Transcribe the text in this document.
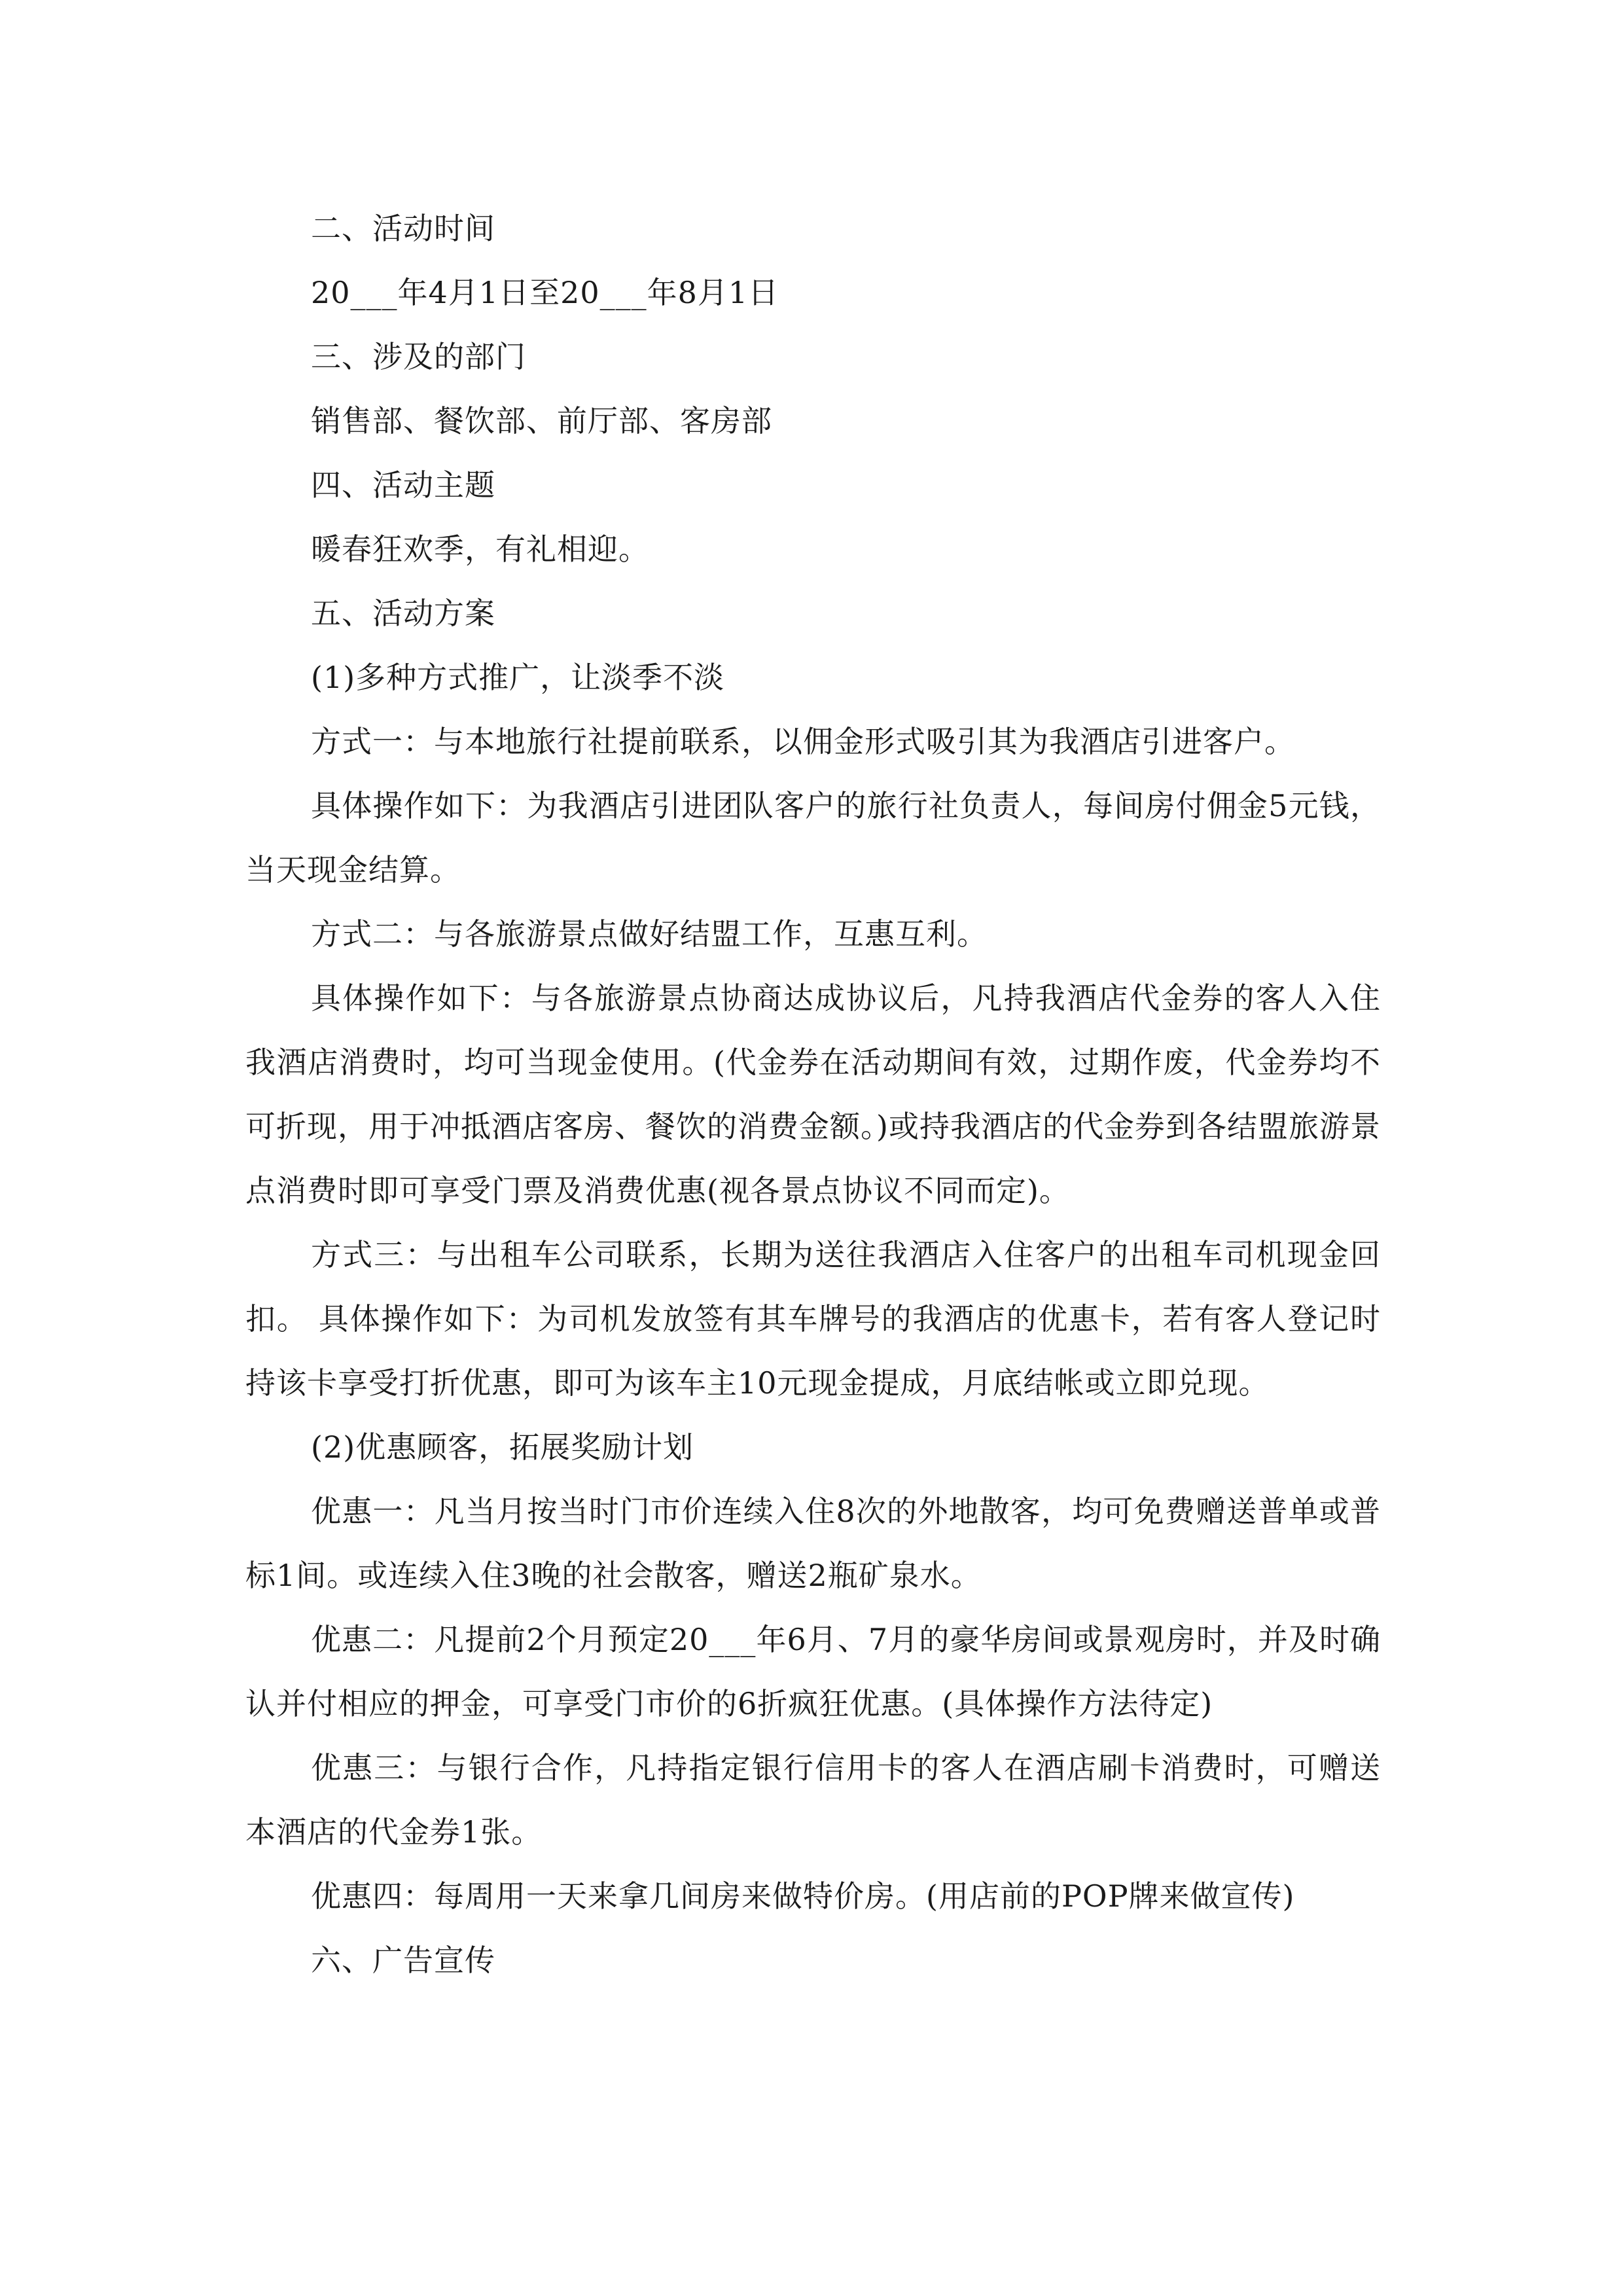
二、活动时间

20___年4月1日至20___年8月1日

三、涉及的部门

销售部、餐饮部、前厅部、客房部

四、活动主题

暖春狂欢季，有礼相迎。

五、活动方案

(1)多种方式推广，让淡季不淡

方式一：与本地旅行社提前联系，以佣金形式吸引其为我酒店引进客户。

具体操作如下：为我酒店引进团队客户的旅行社负责人，每间房付佣金5元钱，当天现金结算。

方式二：与各旅游景点做好结盟工作，互惠互利。

具体操作如下：与各旅游景点协商达成协议后，凡持我酒店代金券的客人入住我酒店消费时，均可当现金使用。(代金券在活动期间有效，过期作废，代金券均不可折现，用于冲抵酒店客房、餐饮的消费金额。)或持我酒店的代金券到各结盟旅游景点消费时即可享受门票及消费优惠(视各景点协议不同而定)。

方式三：与出租车公司联系，长期为送往我酒店入住客户的出租车司机现金回扣。 具体操作如下：为司机发放签有其车牌号的我酒店的优惠卡，若有客人登记时持该卡享受打折优惠，即可为该车主10元现金提成，月底结帐或立即兑现。

(2)优惠顾客，拓展奖励计划

优惠一：凡当月按当时门市价连续入住8次的外地散客，均可免费赠送普单或普标1间。或连续入住3晚的社会散客，赠送2瓶矿泉水。

优惠二：凡提前2个月预定20___年6月、7月的豪华房间或景观房时，并及时确认并付相应的押金，可享受门市价的6折疯狂优惠。(具体操作方法待定)

优惠三：与银行合作，凡持指定银行信用卡的客人在酒店刷卡消费时，可赠送本酒店的代金券1张。

优惠四：每周用一天来拿几间房来做特价房。(用店前的POP牌来做宣传)

六、广告宣传
